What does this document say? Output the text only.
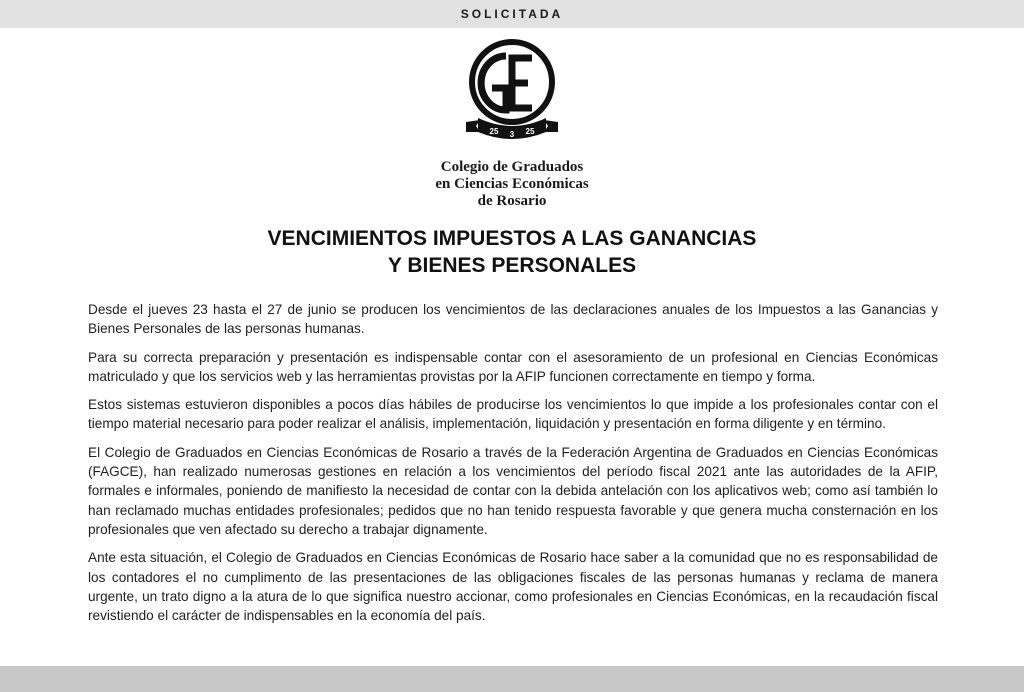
SOLICITADA
25 3 25
Colegio de Graduados
en Ciencias Económicas
de Rosario
VENCIMIENTOS IMPUESTOS A LAS GANANCIAS
Y BIENES PERSONALES

Desde el jueves 23 hasta el 27 de junio se producen los vencimientos de las declaraciones anuales de los Impuestos a las Ganancias y Bienes Personales de las personas humanas.

Para su correcta preparación y presentación es indispensable contar con el asesoramiento de un profesional en Ciencias Económicas matriculado y que los servicios web y las herramientas provistas por la AFIP funcionen correctamente en tiempo y forma.

Estos sistemas estuvieron disponibles a pocos días hábiles de producirse los vencimientos lo que impide a los profesionales contar con el tiempo material necesario para poder realizar el análisis, implementación, liquidación y presentación en forma diligente y en término.

El Colegio de Graduados en Ciencias Económicas de Rosario a través de la Federación Argentina de Graduados en Ciencias Económicas (FAGCE), han realizado numerosas gestiones en relación a los vencimientos del período fiscal 2021 ante las autoridades de la AFIP, formales e informales, poniendo de manifiesto la necesidad de contar con la debida antelación con los aplicativos web; como así también lo han reclamado muchas entidades profesionales; pedidos que no han tenido respuesta favorable y que genera mucha consternación en los profesionales que ven afectado su derecho a trabajar dignamente.

Ante esta situación, el Colegio de Graduados en Ciencias Económicas de Rosario hace saber a la comunidad que no es responsabilidad de los contadores el no cumplimento de las presentaciones de las obligaciones fiscales de las personas humanas y reclama de manera urgente, un trato digno a la atura de lo que significa nuestro accionar, como profesionales en Ciencias Económicas, en la recaudación fiscal revistiendo el carácter de indispensables en la economía del país.
